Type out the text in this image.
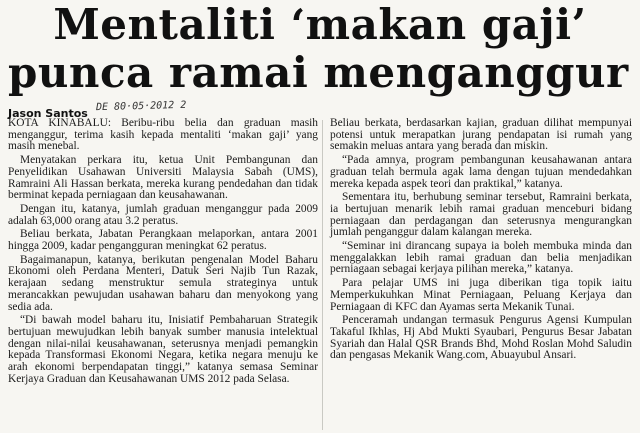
Mentaliti ‘makan gaji’
punca ramai menganggur
DE 80·05·2012 2
Jason Santos

KOTA KINABALU: Beribu-ribu belia dan graduan masih menganggur, terima kasih kepada mentaliti ‘makan gaji’ yang masih menebal.

Menyatakan perkara itu, ketua Unit Pembangunan dan Penyelidikan Usahawan Universiti Malaysia Sabah (UMS), Ramraini Ali Hassan berkata, mereka kurang pendedahan dan tidak berminat kepada perniagaan dan keusahawanan.

Dengan itu, katanya, jumlah graduan menganggur pada 2009 adalah 63,000 orang atau 3.2 peratus.

Beliau berkata, Jabatan Perangkaan melaporkan, antara 2001 hingga 2009, kadar pengangguran meningkat 62 peratus.

Bagaimanapun, katanya, berikutan pengenalan Model Baharu Ekonomi oleh Perdana Menteri, Datuk Seri Najib Tun Razak, kerajaan sedang menstruktur semula strateginya untuk merancakkan pewujudan usahawan baharu dan menyokong yang sedia ada.

“Di bawah model baharu itu, Inisiatif Pembaharuan Strategik bertujuan mewujudkan lebih banyak sumber manusia intelektual dengan nilai-nilai keusahawanan, seterusnya menjadi pemangkin kepada Transformasi Ekonomi Negara, ketika negara menuju ke arah ekonomi berpendapatan tinggi,” katanya semasa Seminar Kerjaya Graduan dan Keusahawanan UMS 2012 pada Selasa.

Beliau berkata, berdasarkan kajian, graduan dilihat mempunyai potensi untuk merapatkan jurang pendapatan isi rumah yang semakin meluas antara yang berada dan miskin.

“Pada amnya, program pembangunan keusahawanan antara graduan telah bermula agak lama dengan tujuan mendedahkan mereka kepada aspek teori dan praktikal,” katanya.

Sementara itu, berhubung seminar tersebut, Ramraini berkata, ia bertujuan menarik lebih ramai graduan menceburi bidang perniagaan dan perdagangan dan seterusnya mengurangkan jumlah penganggur dalam kalangan mereka.

“Seminar ini dirancang supaya ia boleh membuka minda dan menggalakkan lebih ramai graduan dan belia menjadikan perniagaan sebagai kerjaya pilihan mereka,” katanya.

Para pelajar UMS ini juga diberikan tiga topik iaitu Memperkukuhkan Minat Perniagaan, Peluang Kerjaya dan Perniagaan di KFC dan Ayamas serta Mekanik Tunai.

Penceramah undangan termasuk Pengurus Agensi Kumpulan Takaful Ikhlas, Hj Abd Mukti Syaubari, Pengurus Besar Jabatan Syariah dan Halal QSR Brands Bhd, Mohd Roslan Mohd Saludin dan pengasas Mekanik Wang.com, Abuayubul Ansari.
